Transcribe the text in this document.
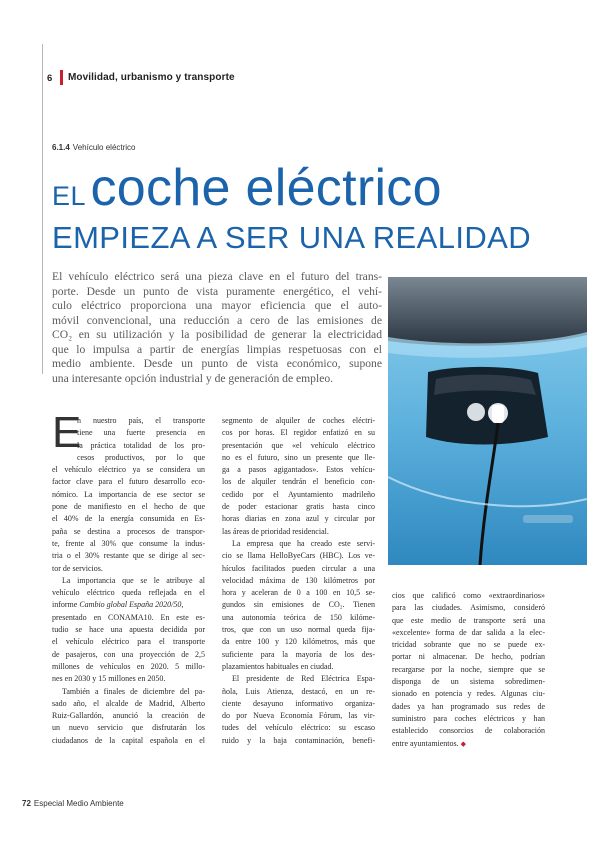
6 Movilidad, urbanismo y transporte
6.1.4 Vehículo eléctrico
EL coche eléctrico
EMPIEZA A SER UNA REALIDAD
El vehículo eléctrico será una pieza clave en el futuro del trans-
porte. Desde un punto de vista puramente energético, el vehí-
culo eléctrico proporciona una mayor eficiencia que el auto-
móvil convencional, una reducción a cero de las emisiones de
CO₂ en su utilización y la posibilidad de generar la electricidad
que lo impulsa a partir de energías limpias respetuosas con el
medio ambiente. Desde un punto de vista económico, supone
una interesante opción industrial y de generación de empleo.
E
n nuestro país, el transporte
tiene una fuerte presencia en
la práctica totalidad de los pro-
cesos productivos, por lo que
el vehículo eléctrico ya se considera un
factor clave para el futuro desarrollo eco-
nómico. La importancia de ese sector se
pone de manifiesto en el hecho de que
el 40% de la energía consumida en Es-
paña se destina a procesos de transpor-
te, frente al 30% que consume la indus-
tria o el 30% restante que se dirige al sec-
tor de servicios.
La importancia que se le atribuye al
vehículo eléctrico queda reflejada en el
informe Cambio global España 2020/50,
presentado en CONAMA10. En este es-
tudio se hace una apuesta decidida por
el vehículo eléctrico para el transporte
de pasajeros, con una proyección de 2,5
millones de vehículos en 2020. 5 millo-
nes en 2030 y 15 millones en 2050.
También a finales de diciembre del pa-
sado año, el alcalde de Madrid, Alberto
Ruiz-Gallardón, anunció la creación de
un nuevo servicio que disfrutarán los
ciudadanos de la capital española en el
segmento de alquiler de coches eléctri-
cos por horas. El regidor enfatizó en su
presentación que «el vehículo eléctrico
no es el futuro, sino un presente que lle-
ga a pasos agigantados». Estos vehícu-
los de alquiler tendrán el beneficio con-
cedido por el Ayuntamiento madrileño
de poder estacionar gratis hasta cinco
horas diarias en zona azul y circular por
las áreas de prioridad residencial.
La empresa que ha creado este servi-
cio se llama HelloByeCars (HBC). Los ve-
hículos facilitados pueden circular a una
velocidad máxima de 130 kilómetros por
hora y aceleran de 0 a 100 en 10,5 se-
gundos sin emisiones de CO₂. Tienen
una autonomía teórica de 150 kilóme-
tros, que con un uso normal queda fija-
da entre 100 y 120 kilómetros, más que
suficiente para la mayoría de los des-
plazamientos habituales en ciudad.
El presidente de Red Eléctrica Espa-
ñola, Luis Atienza, destacó, en un re-
ciente desayuno informativo organiza-
do por Nueva Economía Fórum, las vir-
tudes del vehículo eléctrico: su escaso
ruido y la baja contaminación, benefi-
cios que calificó como «extraordinarios»
para las ciudades. Asimismo, consideró
que este medio de transporte será una
«excelente» forma de dar salida a la elec-
tricidad sobrante que no se puede ex-
portar ni almacenar. De hecho, podrían
recargarse por la noche, siempre que se
disponga de un sistema sobredimen-
sionado en potencia y redes. Algunas ciu-
dades ya han programado sus redes de
suministro para coches eléctricos y han
establecido consorcios de colaboración
entre ayuntamientos. ◆
72 Especial Medio Ambiente
